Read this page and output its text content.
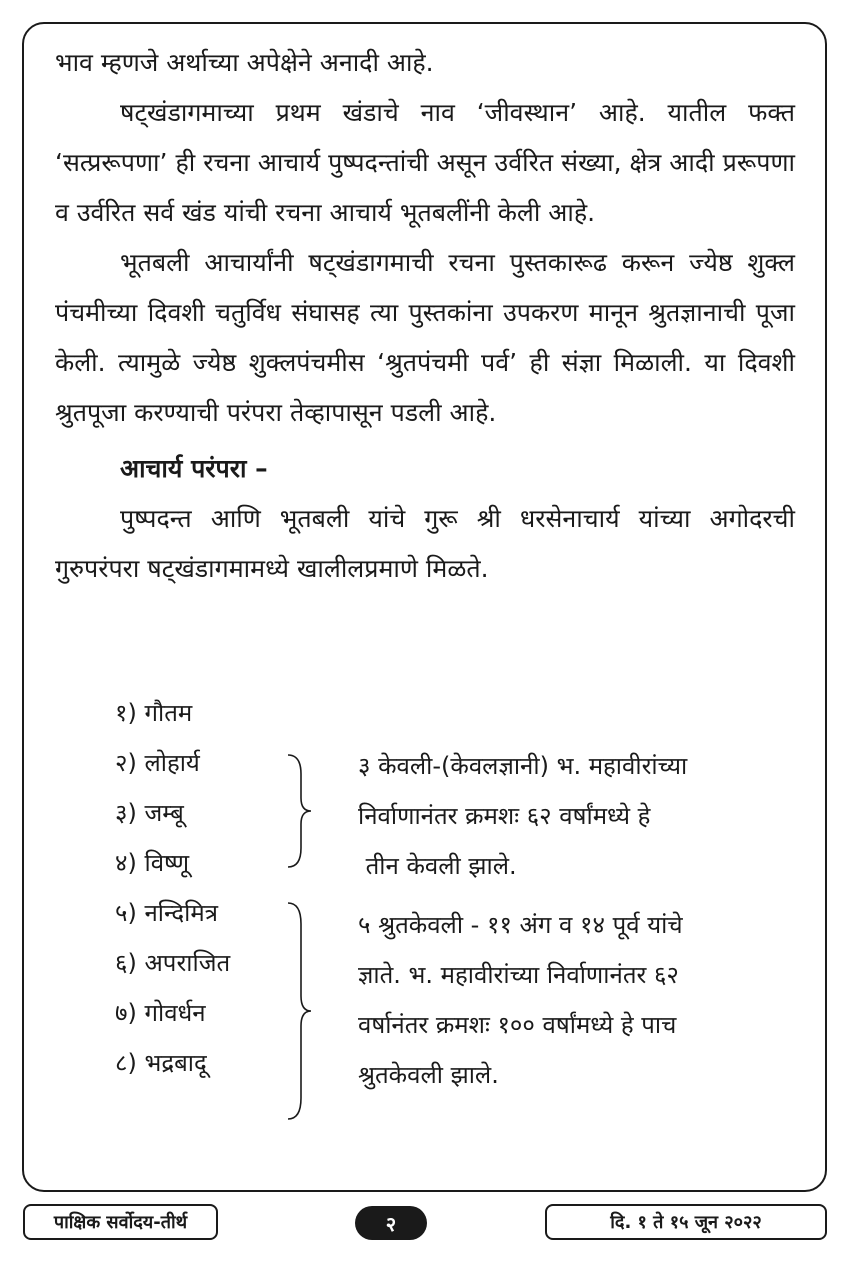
भाव म्हणजे अर्थाच्या अपेक्षेने अनादी आहे.

षट्खंडागमाच्या प्रथम खंडाचे नाव ‘जीवस्थान’ आहे. यातील फक्त ‘सत्प्ररूपणा’ ही रचना आचार्य पुष्पदन्तांची असून उर्वरित संख्या, क्षेत्र आदी प्ररूपणा व उर्वरित सर्व खंड यांची रचना आचार्य भूतबलींनी केली आहे.

भूतबली आचार्यांनी षट्खंडागमाची रचना पुस्तकारूढ करून ज्येष्ठ शुक्ल पंचमीच्या दिवशी चतुर्विध संघासह त्या पुस्तकांना उपकरण मानून श्रुतज्ञानाची पूजा केली. त्यामुळे ज्येष्ठ शुक्लपंचमीस ‘श्रुतपंचमी पर्व’ ही संज्ञा मिळाली. या दिवशी श्रुतपूजा करण्याची परंपरा तेव्हापासून पडली आहे.

आचार्य परंपरा –

पुष्पदन्त आणि भूतबली यांचे गुरू श्री धरसेनाचार्य यांच्या अगोदरची गुरुपरंपरा षट्खंडागमामध्ये खालीलप्रमाणे मिळते.

१) गौतम
२) लोहार्य
३) जम्बू
४) विष्णू
५) नन्दिमित्र
६) अपराजित
७) गोवर्धन
८) भद्रबादू
३ केवली-(केवलज्ञानी) भ. महावीरांच्या
निर्वाणानंतर क्रमशः ६२ वर्षांमध्ये हे
तीन केवली झाले.
५ श्रुतकेवली - ११ अंग व १४ पूर्व यांचे
ज्ञाते. भ. महावीरांच्या निर्वाणानंतर ६२
वर्षानंतर क्रमशः १०० वर्षांमध्ये हे पाच
श्रुतकेवली झाले.
पाक्षिक सर्वोदय-तीर्थ	२	दि. १ ते १५ जून २०२२
